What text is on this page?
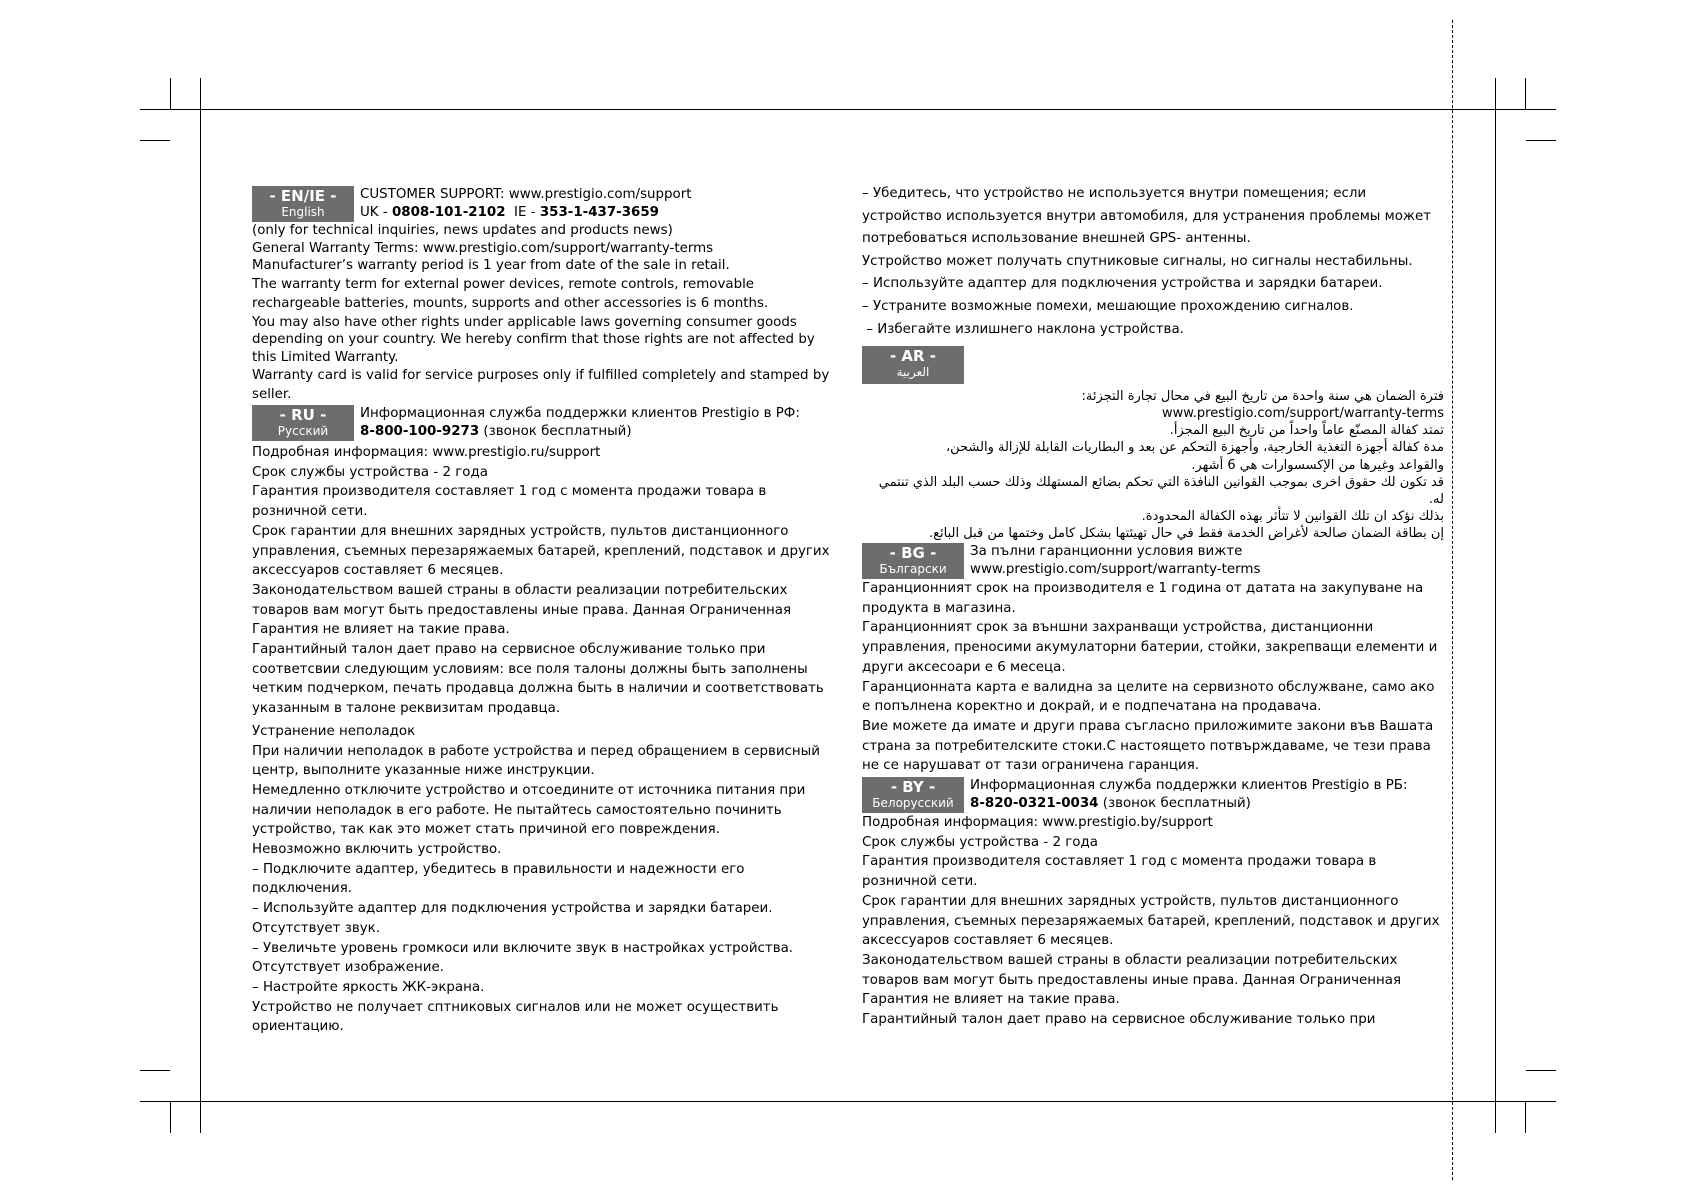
- EN/IE -
English
CUSTOMER SUPPORT: www.prestigio.com/support
UK - 0808-101-2102  IE - 353-1-437-3659

(only for technical inquiries, news updates and products news)

General Warranty Terms: www.prestigio.com/support/warranty-terms

Manufacturer’s warranty period is 1 year from date of the sale in retail.

The warranty term for external power devices, remote controls, removable rechargeable batteries, mounts, supports and other accessories is 6 months.

You may also have other rights under applicable laws governing consumer goods depending on your country. We hereby confirm that those rights are not affected by this Limited Warranty.

Warranty card is valid for service purposes only if fulfilled completely and stamped by seller.

- RU -
Русский
Информационная служба поддержки клиентов Prestigio в РФ:
8-800-100-9273 (звонок бесплатный)

Подробная информация: www.prestigio.ru/support

Срок службы устройства - 2 года

Гарантия производителя составляет 1 год с момента продажи товара в розничной сети.

Срок гарантии для внешних зарядных устройств, пультов дистанционного управления, съемных перезаряжаемых батарей, креплений, подставок и других аксессуаров составляет 6 месяцев.

Законодательством вашей страны в области реализации потребительских товаров вам могут быть предоставлены иные права. Данная Ограниченная Гарантия не влияет на такие права.

Гарантийный талон дает право на сервисное обслуживание только при соответсвии следующим условиям: все поля талоны должны быть заполнены четким подчерком, печать продавца должна быть в наличии и соответствовать указанным в талоне реквизитам продавца.

Устранение неполадок

При наличии неполадок в работе устройства и перед обращением в сервисный центр, выполните указанные ниже инструкции.

Немедленно отключите устройство и отсоедините от источника питания при наличии неполадок в его работе. Не пытайтесь самостоятельно починить устройство, так как это может стать причиной его повреждения.

Невозможно включить устройство.

– Подключите адаптер, убедитесь в правильности и надежности его подключения.

– Используйте адаптер для подключения устройства и зарядки батареи.

Отсутствует звук.

– Увеличьте уровень громкоси или включите звук в настройках устройства.

Отсутствует изображение.

– Настройте яркость ЖК-экрана.

Устройство не получает сптниковых сигналов или не может осуществить ориентацию.

– Убедитесь, что устройство не используется внутри помещения; если устройство используется внутри автомобиля, для устранения проблемы может потребоваться использование внешней GPS- антенны.

Устройство может получать спутниковые сигналы, но сигналы нестабильны.

– Используйте адаптер для подключения устройства и зарядки батареи.

– Устраните возможные помехи, мешающие прохождению сигналов.

– Избегайте излишнего наклона устройства.

- AR -
العربية

فترة الضمان هي سنة واحدة من تاريخ البيع في محال تجارة التجزئة:

www.prestigio.com/support/warranty-terms

تمتد كفالة المصنّع عاماً واحداً من تاريخ البيع المجزأ.

مدة كفالة أجهزة التغذية الخارجية، وأجهزة التحكم عن بعد و البطاريات القابلة للإزالة والشحن،

والقواعد وغيرها من الإكسسوارات هي 6 أشهر.

قد تكون لك حقوق اخرى بموجب القوانين النافذة التي تحكم بضائع المستهلك وذلك حسب البلد الذي تنتمي له.

بذلك نؤكد ان تلك القوانين لا تتأثر بهذه الكفالة المحدودة.

إن بطاقة الضمان صالحة لأغراض الخدمة فقط في حال تهيئتها بشكل كامل وختمها من قبل البائع.

- BG -
Български
За пълни гаранционни условия вижте
www.prestigio.com/support/warranty-terms

Гаранционният срок на производителя е 1 година от датата на закупуване на продукта в магазина.

Гаранционният срок за външни захранващи устройства, дистанционни управления, преносими акумулаторни батерии, стойки, закрепващи елементи и други аксесоари е 6 месеца.

Гаранционната карта е валидна за целите на сервизното обслужване, само ако е попълнена коректно и докрай, и е подпечатана на продавача.

Вие можете да имате и други права съгласно приложимите закони във Вашата страна за потребителските стоки.С настоящето потвърждаваме, че тези права не се нарушават от тази ограничена гаранция.

- BY -
Белорусский
Информационная служба поддержки клиентов Prestigio в РБ:
8-820-0321-0034 (звонок бесплатный)

Подробная информация: www.prestigio.by/support

Срок службы устройства - 2 года

Гарантия производителя составляет 1 год с момента продажи товара в розничной сети.

Срок гарантии для внешних зарядных устройств, пультов дистанционного управления, съемных перезаряжаемых батарей, креплений, подставок и других аксессуаров составляет 6 месяцев.

Законодательством вашей страны в области реализации потребительских товаров вам могут быть предоставлены иные права. Данная Ограниченная Гарантия не влияет на такие права.

Гарантийный талон дает право на сервисное обслуживание только при
